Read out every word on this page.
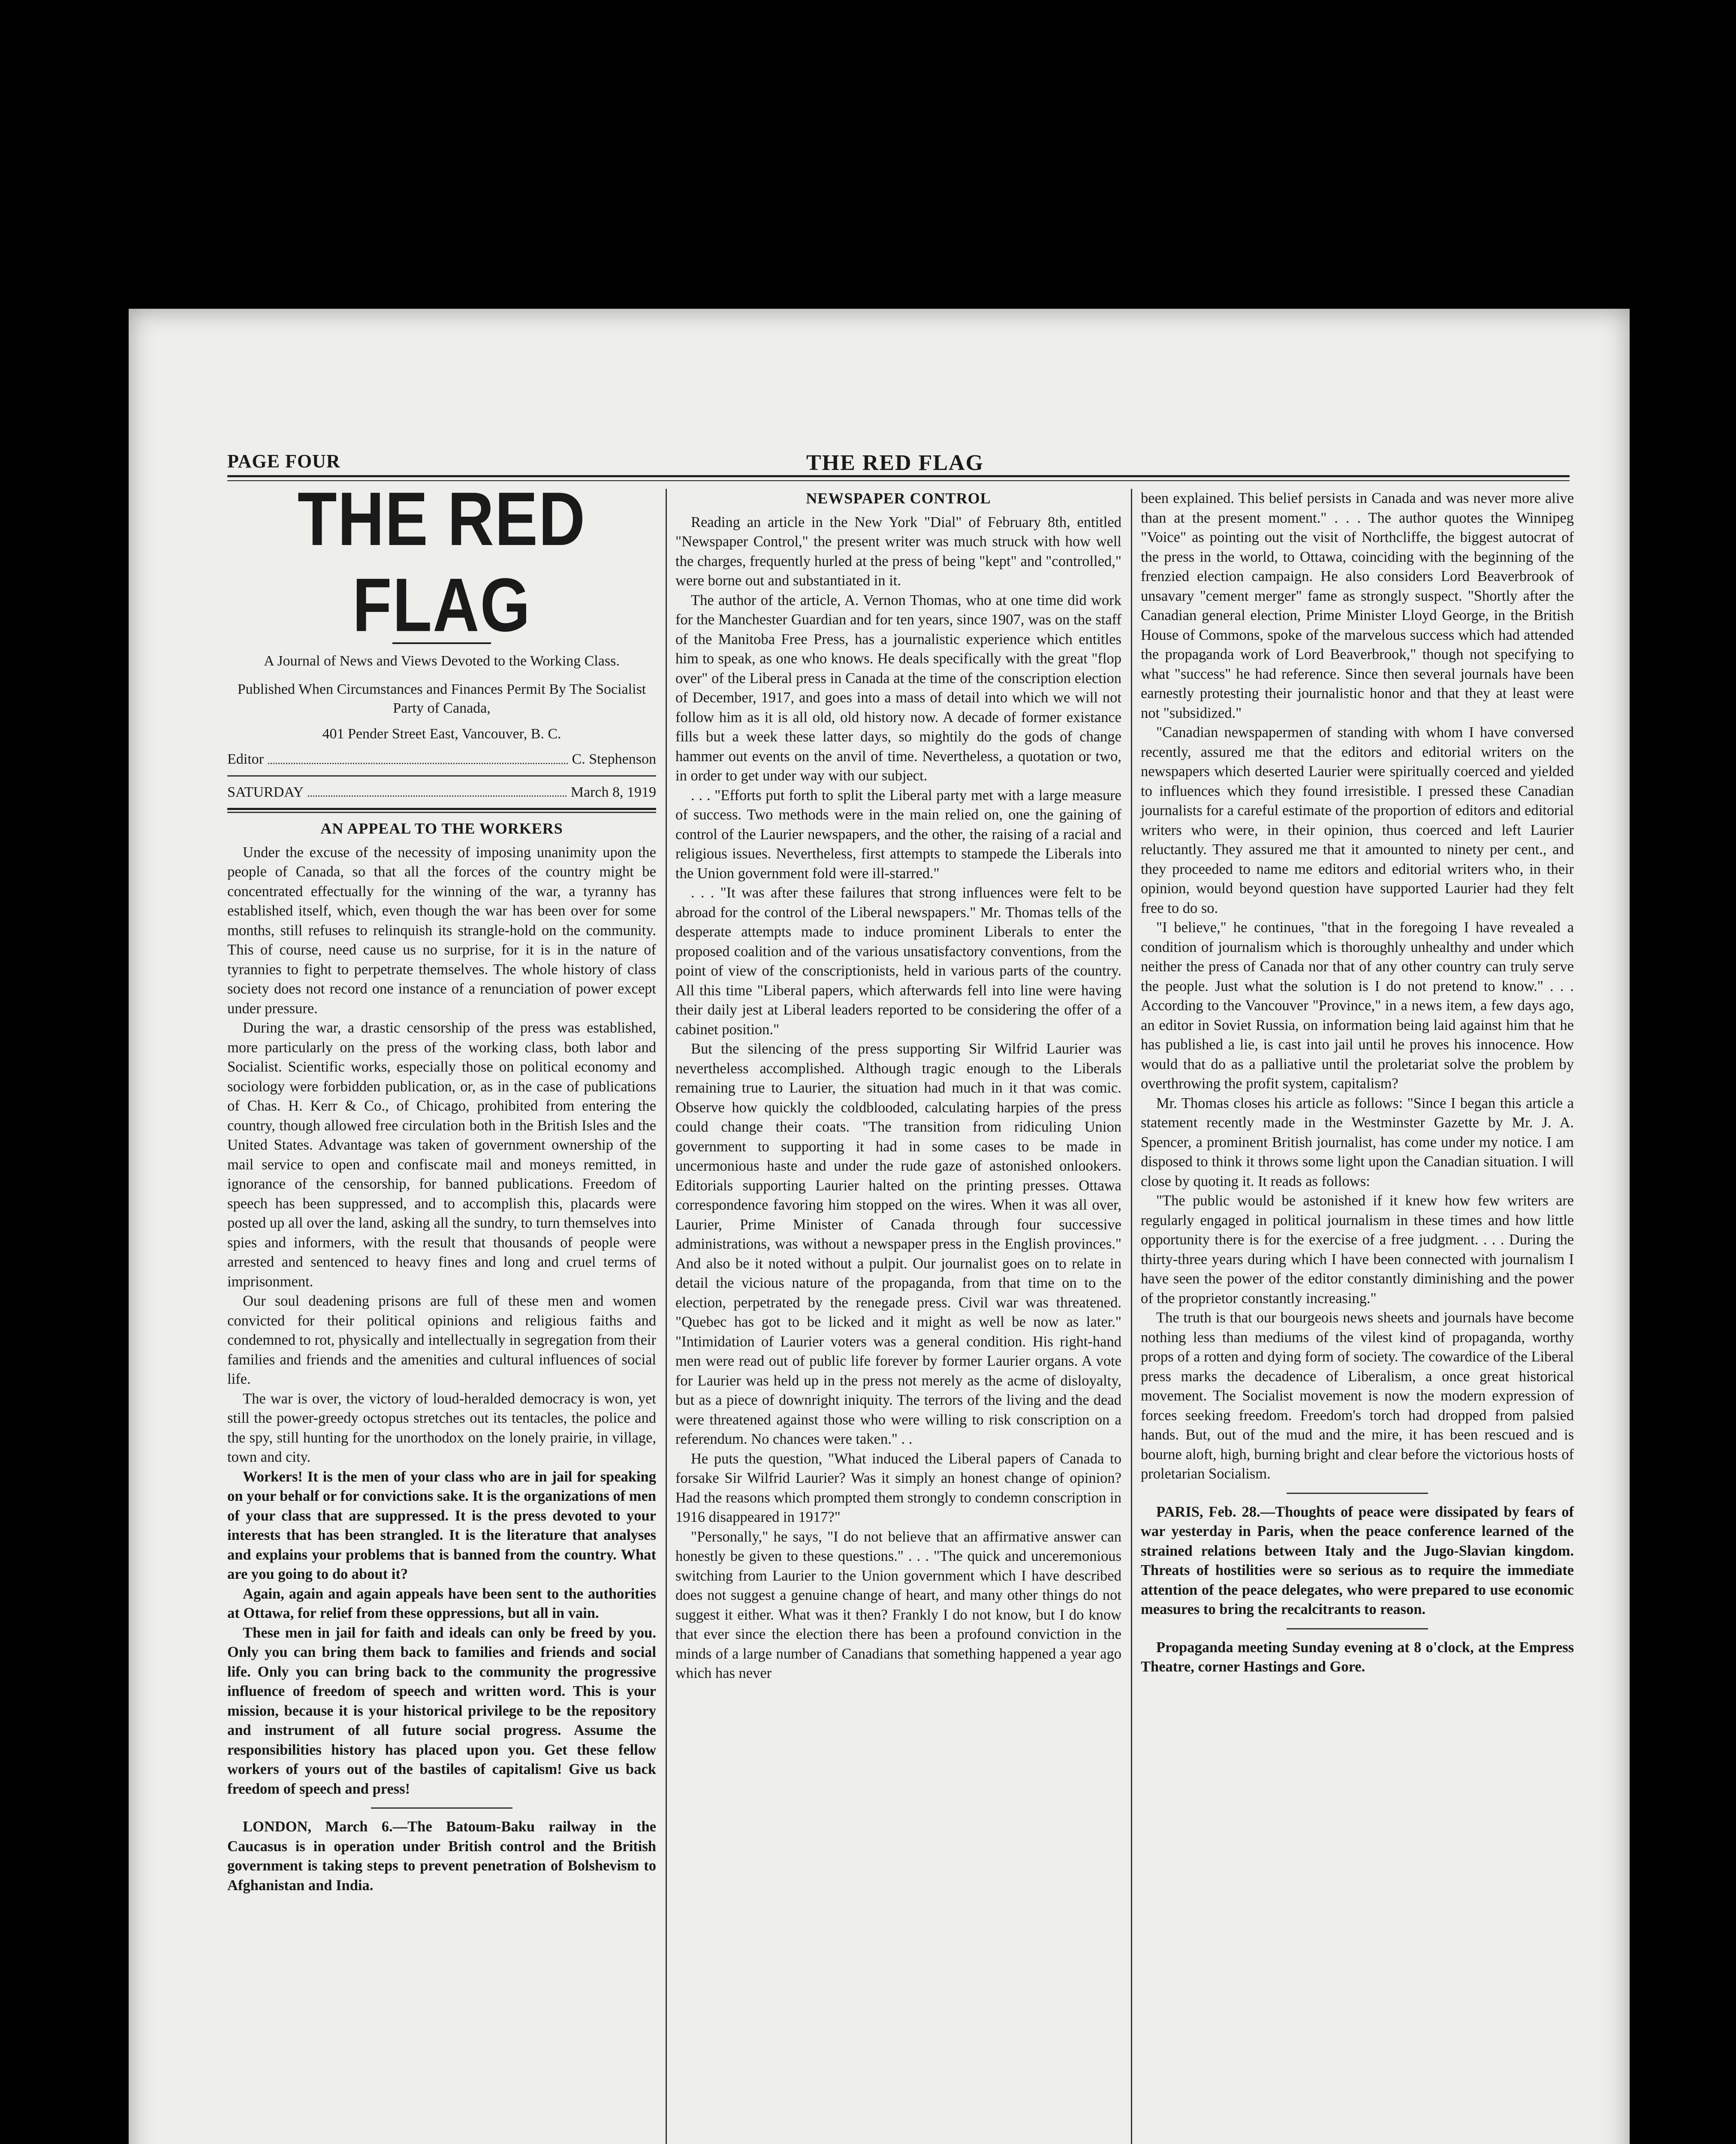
PAGE FOUR	THE RED FLAG
THE RED FLAG
A Journal of News and Views Devoted to the Working Class.
Published When Circumstances and Finances Permit By The Socialist Party of Canada,
401 Pender Street East, Vancouver, B. C.
Editor	C. Stephenson
SATURDAY	March 8, 1919
AN APPEAL TO THE WORKERS

Under the excuse of the necessity of imposing unanimity upon the people of Canada, so that all the forces of the country might be concentrated effectually for the winning of the war, a tyranny has established itself, which, even though the war has been over for some months, still refuses to relinquish its strangle-hold on the community. This of course, need cause us no surprise, for it is in the nature of tyrannies to fight to perpetrate themselves. The whole history of class society does not record one instance of a renunciation of power except under pressure.

During the war, a drastic censorship of the press was established, more particularly on the press of the working class, both labor and Socialist. Scientific works, especially those on political economy and sociology were forbidden publication, or, as in the case of publications of Chas. H. Kerr & Co., of Chicago, prohibited from entering the country, though allowed free circulation both in the British Isles and the United States. Advantage was taken of government ownership of the mail service to open and confiscate mail and moneys remitted, in ignorance of the censorship, for banned publications. Freedom of speech has been suppressed, and to accomplish this, placards were posted up all over the land, asking all the sundry, to turn themselves into spies and informers, with the result that thousands of people were arrested and sentenced to heavy fines and long and cruel terms of imprisonment.

Our soul deadening prisons are full of these men and women convicted for their political opinions and religious faiths and condemned to rot, physically and intellectually in segregation from their families and friends and the amenities and cultural influences of social life.

The war is over, the victory of loud-heralded democracy is won, yet still the power-greedy octopus stretches out its tentacles, the police and the spy, still hunting for the unorthodox on the lonely prairie, in village, town and city.

Workers! It is the men of your class who are in jail for speaking on your behalf or for convictions sake. It is the organizations of men of your class that are suppressed. It is the press devoted to your interests that has been strangled. It is the literature that analyses and explains your problems that is banned from the country. What are you going to do about it?

Again, again and again appeals have been sent to the authorities at Ottawa, for relief from these oppressions, but all in vain.

These men in jail for faith and ideals can only be freed by you. Only you can bring them back to families and friends and social life. Only you can bring back to the community the progressive influence of freedom of speech and written word. This is your mission, because it is your historical privilege to be the repository and instrument of all future social progress. Assume the responsibilities history has placed upon you. Get these fellow workers of yours out of the bastiles of capitalism! Give us back freedom of speech and press!

LONDON, March 6.—The Batoum-Baku railway in the Caucasus is in operation under British control and the British government is taking steps to prevent penetration of Bolshevism to Afghanistan and India.

NEWSPAPER CONTROL

Reading an article in the New York "Dial" of February 8th, entitled "Newspaper Control," the present writer was much struck with how well the charges, frequently hurled at the press of being "kept" and "controlled," were borne out and substantiated in it.

The author of the article, A. Vernon Thomas, who at one time did work for the Manchester Guardian and for ten years, since 1907, was on the staff of the Manitoba Free Press, has a journalistic experience which entitles him to speak, as one who knows. He deals specifically with the great "flop over" of the Liberal press in Canada at the time of the conscription election of December, 1917, and goes into a mass of detail into which we will not follow him as it is all old, old history now. A decade of former existance fills but a week these latter days, so mightily do the gods of change hammer out events on the anvil of time. Nevertheless, a quotation or two, in order to get under way with our subject.

. . . "Efforts put forth to split the Liberal party met with a large measure of success. Two methods were in the main relied on, one the gaining of control of the Laurier newspapers, and the other, the raising of a racial and religious issues. Nevertheless, first attempts to stampede the Liberals into the Union government fold were ill-starred."

. . . "It was after these failures that strong influences were felt to be abroad for the control of the Liberal newspapers." Mr. Thomas tells of the desperate attempts made to induce prominent Liberals to enter the proposed coalition and of the various unsatisfactory conventions, from the point of view of the conscriptionists, held in various parts of the country. All this time "Liberal papers, which afterwards fell into line were having their daily jest at Liberal leaders reported to be considering the offer of a cabinet position."

But the silencing of the press supporting Sir Wilfrid Laurier was nevertheless accomplished. Although tragic enough to the Liberals remaining true to Laurier, the situation had much in it that was comic. Observe how quickly the coldblooded, calculating harpies of the press could change their coats. "The transition from ridiculing Union government to supporting it had in some cases to be made in uncermonious haste and under the rude gaze of astonished onlookers. Editorials supporting Laurier halted on the printing presses. Ottawa correspondence favoring him stopped on the wires. When it was all over, Laurier, Prime Minister of Canada through four successive administrations, was without a newspaper press in the English provinces." And also be it noted without a pulpit. Our journalist goes on to relate in detail the vicious nature of the propaganda, from that time on to the election, perpetrated by the renegade press. Civil war was threatened. "Quebec has got to be licked and it might as well be now as later." "Intimidation of Laurier voters was a general condition. His right-hand men were read out of public life forever by former Laurier organs. A vote for Laurier was held up in the press not merely as the acme of disloyalty, but as a piece of downright iniquity. The terrors of the living and the dead were threatened against those who were willing to risk conscription on a referendum. No chances were taken." . .

He puts the question, "What induced the Liberal papers of Canada to forsake Sir Wilfrid Laurier? Was it simply an honest change of opinion? Had the reasons which prompted them strongly to condemn conscription in 1916 disappeared in 1917?"

"Personally," he says, "I do not believe that an affirmative answer can honestly be given to these questions." . . . "The quick and unceremonious switching from Laurier to the Union government which I have described does not suggest a genuine change of heart, and many other things do not suggest it either. What was it then? Frankly I do not know, but I do know that ever since the election there has been a profound conviction in the minds of a large number of Canadians that something happened a year ago which has never

been explained. This belief persists in Canada and was never more alive than at the present moment." . . . The author quotes the Winnipeg "Voice" as pointing out the visit of Northcliffe, the biggest autocrat of the press in the world, to Ottawa, coinciding with the beginning of the frenzied election campaign. He also considers Lord Beaverbrook of unsavary "cement merger" fame as strongly suspect. "Shortly after the Canadian general election, Prime Minister Lloyd George, in the British House of Commons, spoke of the marvelous success which had attended the propaganda work of Lord Beaverbrook," though not specifying to what "success" he had reference. Since then several journals have been earnestly protesting their journalistic honor and that they at least were not "subsidized."

"Canadian newspapermen of standing with whom I have conversed recently, assured me that the editors and editorial writers on the newspapers which deserted Laurier were spiritually coerced and yielded to influences which they found irresistible. I pressed these Canadian journalists for a careful estimate of the proportion of editors and editorial writers who were, in their opinion, thus coerced and left Laurier reluctantly. They assured me that it amounted to ninety per cent., and they proceeded to name me editors and editorial writers who, in their opinion, would beyond question have supported Laurier had they felt free to do so.

"I believe," he continues, "that in the foregoing I have revealed a condition of journalism which is thoroughly unhealthy and under which neither the press of Canada nor that of any other country can truly serve the people. Just what the solution is I do not pretend to know." . . . According to the Vancouver "Province," in a news item, a few days ago, an editor in Soviet Russia, on information being laid against him that he has published a lie, is cast into jail until he proves his innocence. How would that do as a palliative until the proletariat solve the problem by overthrowing the profit system, capitalism?

Mr. Thomas closes his article as follows: "Since I began this article a statement recently made in the Westminster Gazette by Mr. J. A. Spencer, a prominent British journalist, has come under my notice. I am disposed to think it throws some light upon the Canadian situation. I will close by quoting it. It reads as follows:

"The public would be astonished if it knew how few writers are regularly engaged in political journalism in these times and how little opportunity there is for the exercise of a free judgment. . . . During the thirty-three years during which I have been connected with journalism I have seen the power of the editor constantly diminishing and the power of the proprietor constantly increasing."

The truth is that our bourgeois news sheets and journals have become nothing less than mediums of the vilest kind of propaganda, worthy props of a rotten and dying form of society. The cowardice of the Liberal press marks the decadence of Liberalism, a once great historical movement. The Socialist movement is now the modern expression of forces seeking freedom. Freedom's torch had dropped from palsied hands. But, out of the mud and the mire, it has been rescued and is bourne aloft, high, burning bright and clear before the victorious hosts of proletarian Socialism.

PARIS, Feb. 28.—Thoughts of peace were dissipated by fears of war yesterday in Paris, when the peace conference learned of the strained relations between Italy and the Jugo-Slavian kingdom. Threats of hostilities were so serious as to require the immediate attention of the peace delegates, who were prepared to use economic measures to bring the recalcitrants to reason.

Propaganda meeting Sunday evening at 8 o'clock, at the Empress Theatre, corner Hastings and Gore.
